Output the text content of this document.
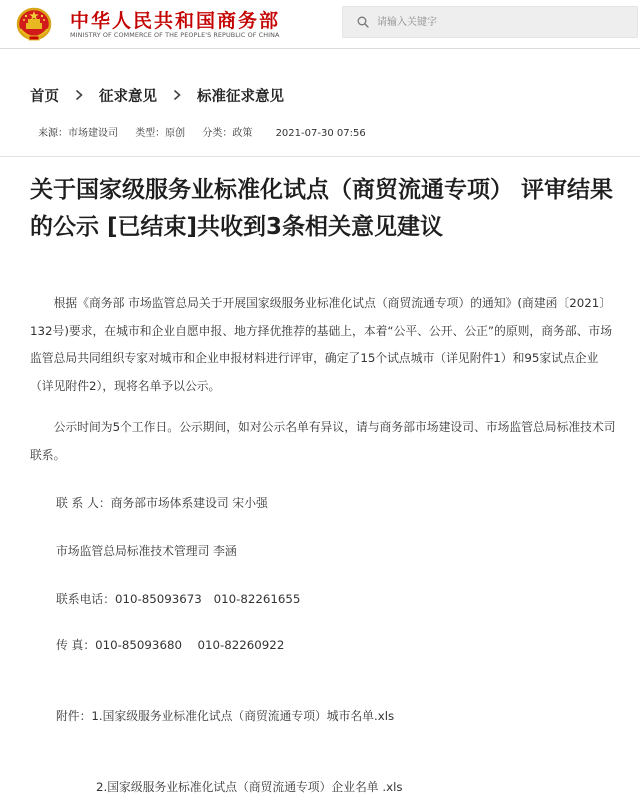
中华人民共和国商务部
MINISTRY OF COMMERCE OF THE PEOPLE'S REPUBLIC OF CHINA
请输入关键字
首页	征求意见	标准征求意见
来源：市场建设司 类型：原创 分类：政策 2021-07-30 07:56
关于国家级服务业标准化试点（商贸流通专项） 评审结果的公示 [已结束]共收到3条相关意见建议

根据《商务部 市场监管总局关于开展国家级服务业标准化试点（商贸流通专项）的通知》(商建函〔2021〕132号)要求，在城市和企业自愿申报、地方择优推荐的基础上，本着“公平、公开、公正”的原则，商务部、市场监管总局共同组织专家对城市和企业申报材料进行评审，确定了15个试点城市（详见附件1）和95家试点企业（详见附件2），现将名单予以公示。

公示时间为5个工作日。公示期间，如对公示名单有异议，请与商务部市场建设司、市场监管总局标准技术司联系。

联 系 人：商务部市场体系建设司 宋小强
市场监管总局标准技术管理司 李涵
联系电话：010-85093673　010-82261655
传 真：010-85093680　 010-82260922
附件：1.国家级服务业标准化试点（商贸流通专项）城市名单.xls
2.国家级服务业标准化试点（商贸流通专项）企业名单 .xls
